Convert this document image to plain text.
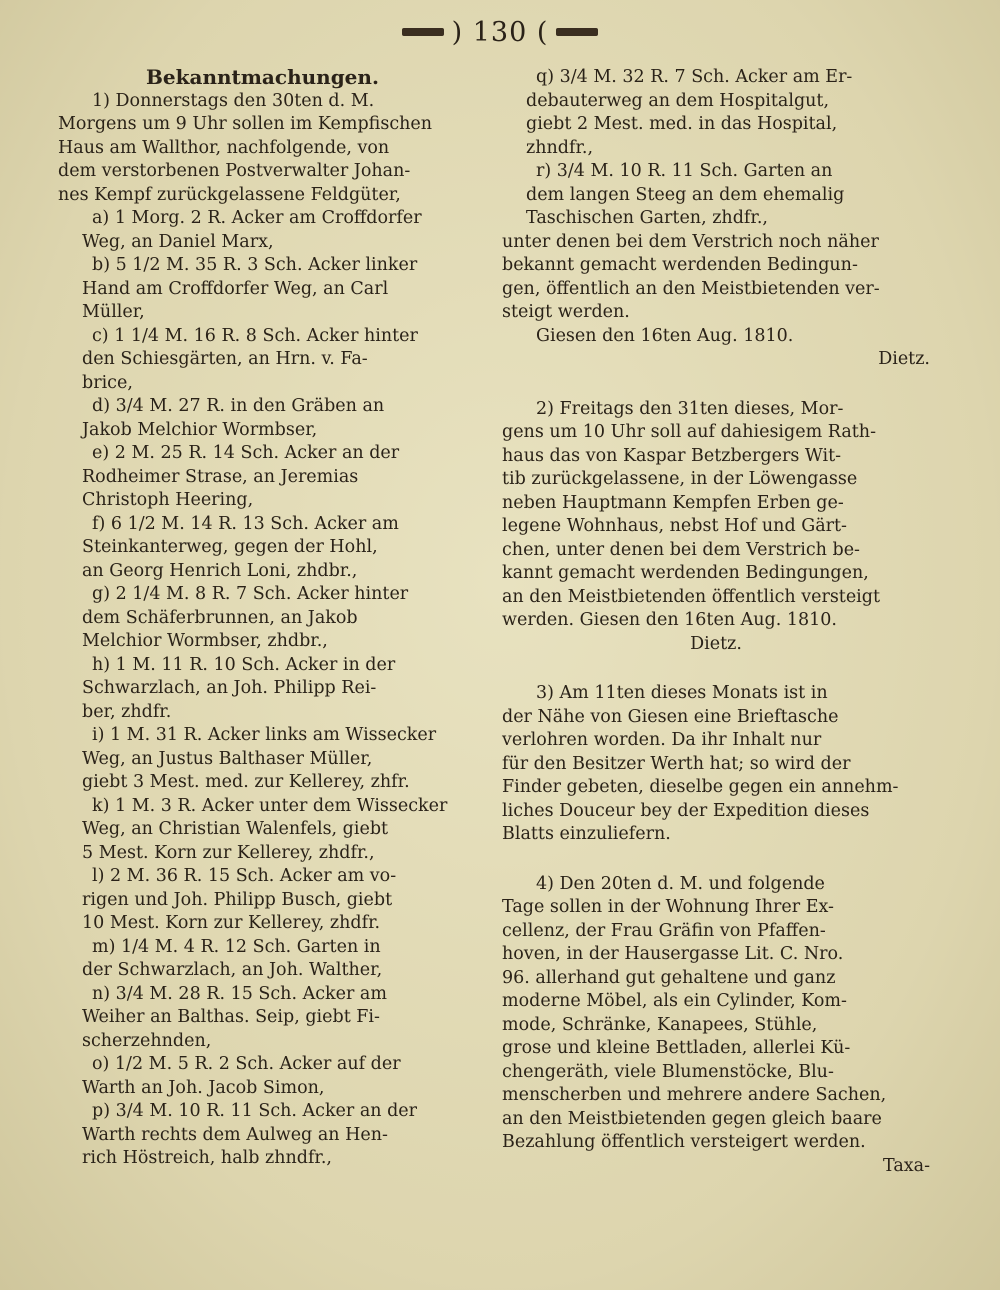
) 130 (
Bekanntmachungen.
1) Donnerstags den 30ten d. M.
Morgens um 9 Uhr sollen im Kempfischen
Haus am Wallthor, nachfolgende, von
dem verstorbenen Postverwalter Johan-
nes Kempf zurückgelassene Feldgüter,
a) 1 Morg. 2 R. Acker am Croffdorfer
Weg, an Daniel Marx,
b) 5 1/2 M. 35 R. 3 Sch. Acker linker
Hand am Croffdorfer Weg, an Carl
Müller,
c) 1 1/4 M. 16 R. 8 Sch. Acker hinter
den Schiesgärten, an Hrn. v. Fa-
brice,
d) 3/4 M. 27 R. in den Gräben an
Jakob Melchior Wormbser,
e) 2 M. 25 R. 14 Sch. Acker an der
Rodheimer Strase, an Jeremias
Christoph Heering,
f) 6 1/2 M. 14 R. 13 Sch. Acker am
Steinkanterweg, gegen der Hohl,
an Georg Henrich Loni, zhdbr.,
g) 2 1/4 M. 8 R. 7 Sch. Acker hinter
dem Schäferbrunnen, an Jakob
Melchior Wormbser, zhdbr.,
h) 1 M. 11 R. 10 Sch. Acker in der
Schwarzlach, an Joh. Philipp Rei-
ber, zhdfr.
i) 1 M. 31 R. Acker links am Wissecker
Weg, an Justus Balthaser Müller,
giebt 3 Mest. med. zur Kellerey, zhfr.
k) 1 M. 3 R. Acker unter dem Wissecker
Weg, an Christian Walenfels, giebt
5 Mest. Korn zur Kellerey, zhdfr.,
l) 2 M. 36 R. 15 Sch. Acker am vo-
rigen und Joh. Philipp Busch, giebt
10 Mest. Korn zur Kellerey, zhdfr.
m) 1/4 M. 4 R. 12 Sch. Garten in
der Schwarzlach, an Joh. Walther,
n) 3/4 M. 28 R. 15 Sch. Acker am
Weiher an Balthas. Seip, giebt Fi-
scherzehnden,
o) 1/2 M. 5 R. 2 Sch. Acker auf der
Warth an Joh. Jacob Simon,
p) 3/4 M. 10 R. 11 Sch. Acker an der
Warth rechts dem Aulweg an Hen-
rich Höstreich, halb zhndfr.,
q) 3/4 M. 32 R. 7 Sch. Acker am Er-
debauterweg an dem Hospitalgut,
giebt 2 Mest. med. in das Hospital,
zhndfr.,
r) 3/4 M. 10 R. 11 Sch. Garten an
dem langen Steeg an dem ehemalig
Taschischen Garten, zhdfr.,
unter denen bei dem Verstrich noch näher
bekannt gemacht werdenden Bedingun-
gen, öffentlich an den Meistbietenden ver-
steigt werden.
Giesen den 16ten Aug. 1810.
Dietz.
2) Freitags den 31ten dieses, Mor-
gens um 10 Uhr soll auf dahiesigem Rath-
haus das von Kaspar Betzbergers Wit-
tib zurückgelassene, in der Löwengasse
neben Hauptmann Kempfen Erben ge-
legene Wohnhaus, nebst Hof und Gärt-
chen, unter denen bei dem Verstrich be-
kannt gemacht werdenden Bedingungen,
an den Meistbietenden öffentlich versteigt
werden. Giesen den 16ten Aug. 1810.
Dietz.
3) Am 11ten dieses Monats ist in
der Nähe von Giesen eine Brieftasche
verlohren worden. Da ihr Inhalt nur
für den Besitzer Werth hat; so wird der
Finder gebeten, dieselbe gegen ein annehm-
liches Douceur bey der Expedition dieses
Blatts einzuliefern.
4) Den 20ten d. M. und folgende
Tage sollen in der Wohnung Ihrer Ex-
cellenz, der Frau Gräfin von Pfaffen-
hoven, in der Hausergasse Lit. C. Nro.
96. allerhand gut gehaltene und ganz
moderne Möbel, als ein Cylinder, Kom-
mode, Schränke, Kanapees, Stühle,
grose und kleine Bettladen, allerlei Kü-
chengeräth, viele Blumenstöcke, Blu-
menscherben und mehrere andere Sachen,
an den Meistbietenden gegen gleich baare
Bezahlung öffentlich versteigert werden.
Taxa-
